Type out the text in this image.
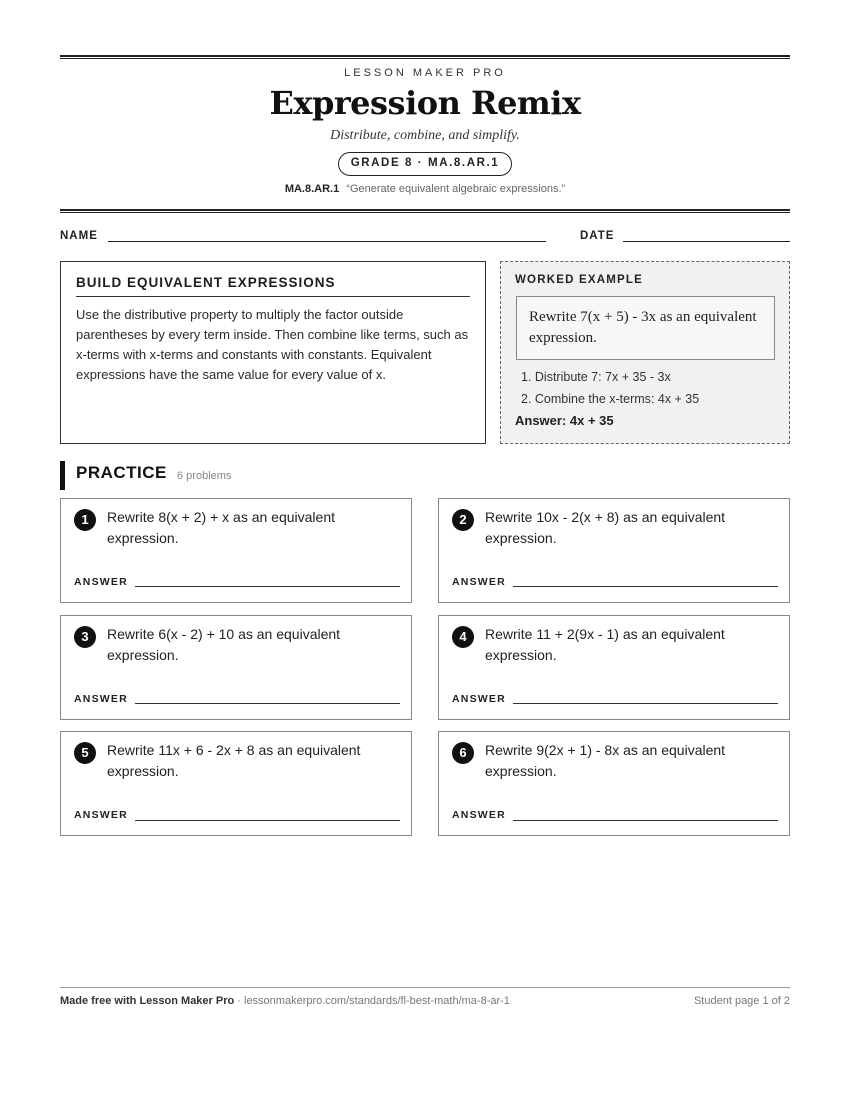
LESSON MAKER PRO
Expression Remix
Distribute, combine, and simplify.
GRADE 8 · MA.8.AR.1
MA.8.AR.1 “Generate equivalent algebraic expressions.”
NAME	DATE
BUILD EQUIVALENT EXPRESSIONS
Use the distributive property to multiply the factor outside parentheses by every term inside. Then combine like terms, such as x-terms with x-terms and constants with constants. Equivalent expressions have the same value for every value of x.
WORKED EXAMPLE
Rewrite 7(x + 5) - 3x as an equivalent expression.
1. Distribute 7: 7x + 35 - 3x
2. Combine the x-terms: 4x + 35
Answer: 4x + 35
PRACTICE 6 problems
1	Rewrite 8(x + 2) + x as an equivalent expression.
ANSWER
2	Rewrite 10x - 2(x + 8) as an equivalent expression.
ANSWER
3	Rewrite 6(x - 2) + 10 as an equivalent expression.
ANSWER
4	Rewrite 11 + 2(9x - 1) as an equivalent expression.
ANSWER
5	Rewrite 11x + 6 - 2x + 8 as an equivalent expression.
ANSWER
6	Rewrite 9(2x + 1) - 8x as an equivalent expression.
ANSWER
Made free with Lesson Maker Pro · lessonmakerpro.com/standards/fl-best-math/ma-8-ar-1	Student page 1 of 2
